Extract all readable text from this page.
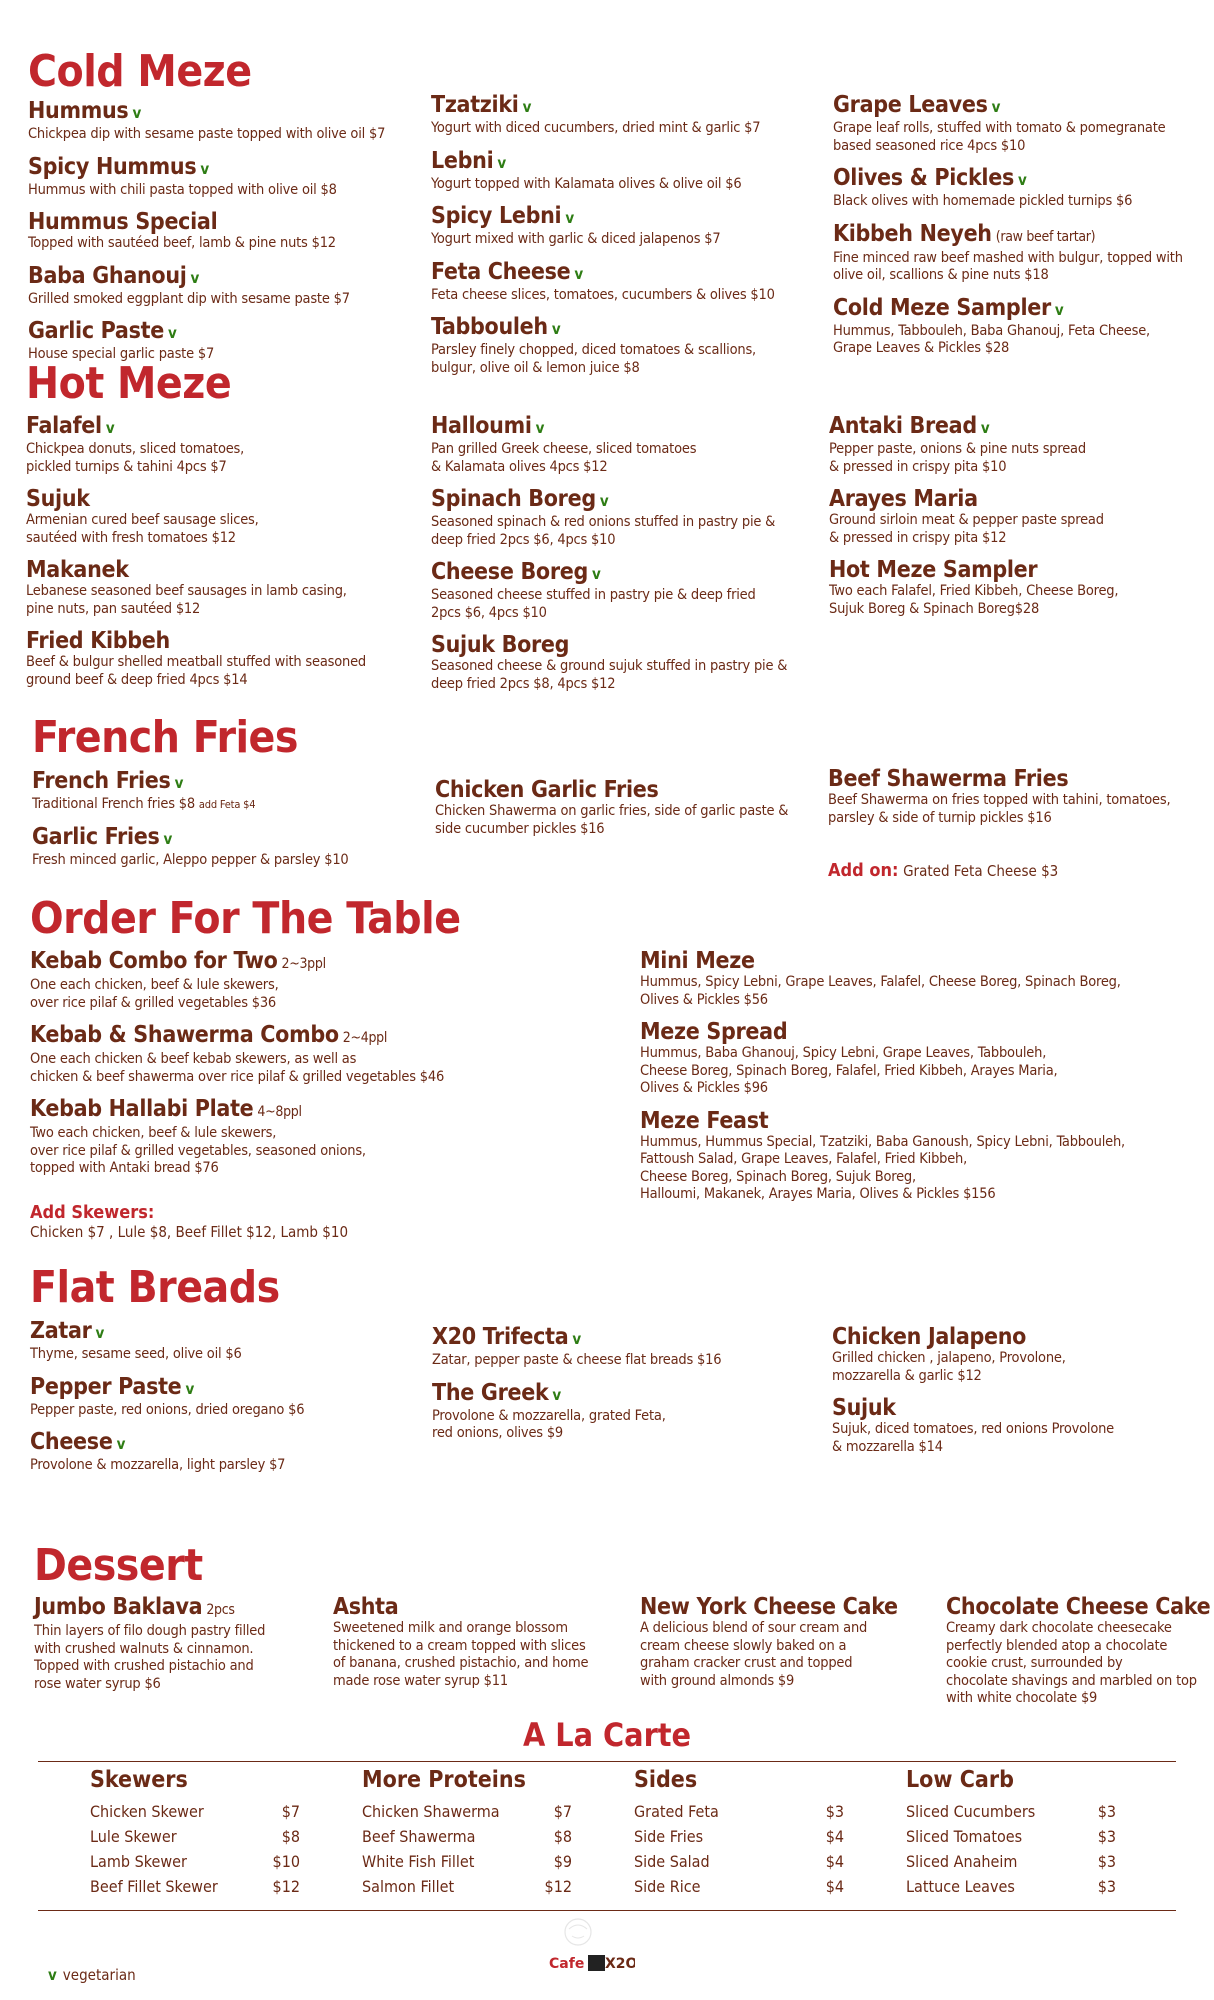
Cold Meze
Hummus v
Chickpea dip with sesame paste topped with olive oil $7
Spicy Hummus v
Hummus with chili pasta topped with olive oil $8
Hummus Special
Topped with sautéed beef, lamb & pine nuts $12
Baba Ghanouj v
Grilled smoked eggplant dip with sesame paste $7
Garlic Paste v
House special garlic paste $7
Tzatziki v
Yogurt with diced cucumbers, dried mint & garlic $7
Lebni v
Yogurt topped with Kalamata olives & olive oil $6
Spicy Lebni v
Yogurt mixed with garlic & diced jalapenos $7
Feta Cheese v
Feta cheese slices, tomatoes, cucumbers & olives $10
Tabbouleh v
Parsley finely chopped, diced tomatoes & scallions,
bulgur, olive oil & lemon juice $8
Grape Leaves v
Grape leaf rolls, stuffed with tomato & pomegranate
based seasoned rice 4pcs $10
Olives & Pickles v
Black olives with homemade pickled turnips $6
Kibbeh Neyeh (raw beef tartar)
Fine minced raw beef mashed with bulgur, topped with
olive oil, scallions & pine nuts $18
Cold Meze Sampler v
Hummus, Tabbouleh, Baba Ghanouj, Feta Cheese,
Grape Leaves & Pickles $28
Hot Meze
Falafel v
Chickpea donuts, sliced tomatoes,
pickled turnips & tahini 4pcs $7
Sujuk
Armenian cured beef sausage slices,
sautéed with fresh tomatoes $12
Makanek
Lebanese seasoned beef sausages in lamb casing,
pine nuts, pan sautéed $12
Fried Kibbeh
Beef & bulgur shelled meatball stuffed with seasoned
ground beef & deep fried 4pcs $14
Halloumi v
Pan grilled Greek cheese, sliced tomatoes
& Kalamata olives 4pcs $12
Spinach Boreg v
Seasoned spinach & red onions stuffed in pastry pie &
deep fried 2pcs $6, 4pcs $10
Cheese Boreg v
Seasoned cheese stuffed in pastry pie & deep fried
2pcs $6, 4pcs $10
Sujuk Boreg
Seasoned cheese & ground sujuk stuffed in pastry pie &
deep fried 2pcs $8, 4pcs $12
Antaki Bread v
Pepper paste, onions & pine nuts spread
& pressed in crispy pita $10
Arayes Maria
Ground sirloin meat & pepper paste spread
& pressed in crispy pita $12
Hot Meze Sampler
Two each Falafel, Fried Kibbeh, Cheese Boreg,
Sujuk Boreg & Spinach Boreg$28
French Fries
French Fries v
Traditional French fries $8 add Feta $4
Garlic Fries v
Fresh minced garlic, Aleppo pepper & parsley $10
Chicken Garlic Fries
Chicken Shawerma on garlic fries, side of garlic paste &
side cucumber pickles $16
Beef Shawerma Fries
Beef Shawerma on fries topped with tahini, tomatoes,
parsley & side of turnip pickles $16
Add on: Grated Feta Cheese $3
Order For The Table
Kebab Combo for Two 2~3ppl
One each chicken, beef & lule skewers,
over rice pilaf & grilled vegetables $36
Kebab & Shawerma Combo 2~4ppl
One each chicken & beef kebab skewers, as well as
chicken & beef shawerma over rice pilaf & grilled vegetables $46
Kebab Hallabi Plate 4~8ppl
Two each chicken, beef & lule skewers,
over rice pilaf & grilled vegetables, seasoned onions,
topped with Antaki bread $76
Mini Meze
Hummus, Spicy Lebni, Grape Leaves, Falafel, Cheese Boreg, Spinach Boreg,
Olives & Pickles $56
Meze Spread
Hummus, Baba Ghanouj, Spicy Lebni, Grape Leaves, Tabbouleh,
Cheese Boreg, Spinach Boreg, Falafel, Fried Kibbeh, Arayes Maria,
Olives & Pickles $96
Meze Feast
Hummus, Hummus Special, Tzatziki, Baba Ganoush, Spicy Lebni, Tabbouleh,
Fattoush Salad, Grape Leaves, Falafel, Fried Kibbeh,
Cheese Boreg, Spinach Boreg, Sujuk Boreg,
Halloumi, Makanek, Arayes Maria, Olives & Pickles $156
Add Skewers:
Chicken $7 , Lule $8, Beef Fillet $12, Lamb $10
Flat Breads
Zatar v
Thyme, sesame seed, olive oil $6
Pepper Paste v
Pepper paste, red onions, dried oregano $6
Cheese v
Provolone & mozzarella, light parsley $7
X20 Trifecta v
Zatar, pepper paste & cheese flat breads $16
The Greek v
Provolone & mozzarella, grated Feta,
red onions, olives $9
Chicken Jalapeno
Grilled chicken , jalapeno, Provolone,
mozzarella & garlic $12
Sujuk
Sujuk, diced tomatoes, red onions Provolone
& mozzarella $14
Dessert
Jumbo Baklava 2pcs
Thin layers of filo dough pastry filled
with crushed walnuts & cinnamon.
Topped with crushed pistachio and
rose water syrup $6
Ashta
Sweetened milk and orange blossom
thickened to a cream topped with slices
of banana, crushed pistachio, and home
made rose water syrup $11
New York Cheese Cake
A delicious blend of sour cream and
cream cheese slowly baked on a
graham cracker crust and topped
with ground almonds $9
Chocolate Cheese Cake
Creamy dark chocolate cheesecake
perfectly blended atop a chocolate
cookie crust, surrounded by
chocolate shavings and marbled on top
with white chocolate $9
A La Carte
Skewers
Chicken Skewer	$7
Lule Skewer	$8
Lamb Skewer	$10
Beef Fillet Skewer	$12
More Proteins
Chicken Shawerma	$7
Beef Shawerma	$8
White Fish Fillet	$9
Salmon Fillet	$12
Sides
Grated Feta	$3
Side Fries	$4
Side Salad	$4
Side Rice	$4
Low Carb
Sliced Cucumbers	$3
Sliced Tomatoes	$3
Sliced Anaheim	$3
Lattuce Leaves	$3
Cafe X2O
v vegetarian
